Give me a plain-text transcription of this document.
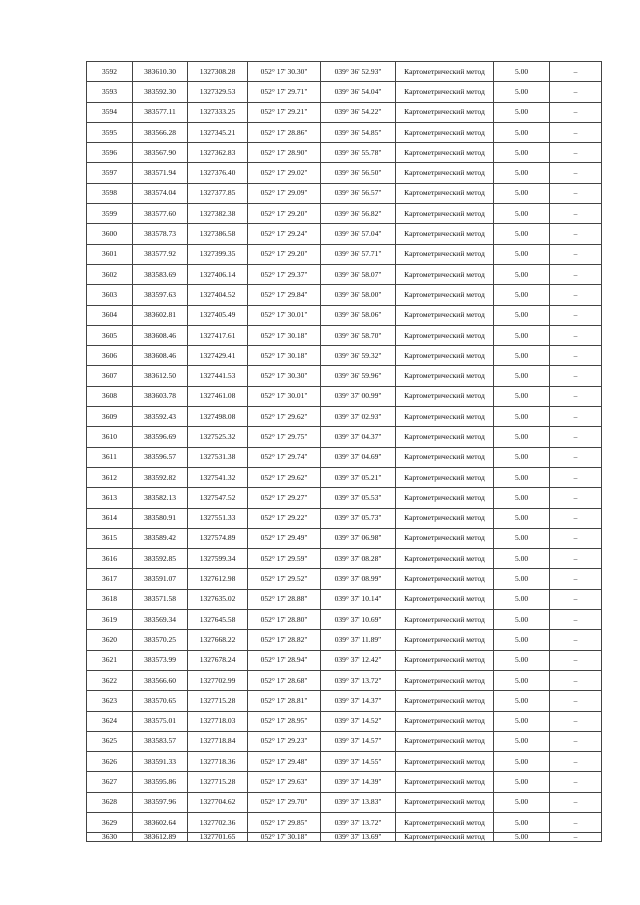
3592	383610.30	1327308.28	052° 17' 30.30"	039° 36' 52.93"	Картометрический метод	5.00	–
3593	383592.30	1327329.53	052° 17' 29.71"	039° 36' 54.04"	Картометрический метод	5.00	–
3594	383577.11	1327333.25	052° 17' 29.21"	039° 36' 54.22"	Картометрический метод	5.00	–
3595	383566.28	1327345.21	052° 17' 28.86"	039° 36' 54.85"	Картометрический метод	5.00	–
3596	383567.90	1327362.83	052° 17' 28.90"	039° 36' 55.78"	Картометрический метод	5.00	–
3597	383571.94	1327376.40	052° 17' 29.02"	039° 36' 56.50"	Картометрический метод	5.00	–
3598	383574.04	1327377.85	052° 17' 29.09"	039° 36' 56.57"	Картометрический метод	5.00	–
3599	383577.60	1327382.38	052° 17' 29.20"	039° 36' 56.82"	Картометрический метод	5.00	–
3600	383578.73	1327386.58	052° 17' 29.24"	039° 36' 57.04"	Картометрический метод	5.00	–
3601	383577.92	1327399.35	052° 17' 29.20"	039° 36' 57.71"	Картометрический метод	5.00	–
3602	383583.69	1327406.14	052° 17' 29.37"	039° 36' 58.07"	Картометрический метод	5.00	–
3603	383597.63	1327404.52	052° 17' 29.84"	039° 36' 58.00"	Картометрический метод	5.00	–
3604	383602.81	1327405.49	052° 17' 30.01"	039° 36' 58.06"	Картометрический метод	5.00	–
3605	383608.46	1327417.61	052° 17' 30.18"	039° 36' 58.70"	Картометрический метод	5.00	–
3606	383608.46	1327429.41	052° 17' 30.18"	039° 36' 59.32"	Картометрический метод	5.00	–
3607	383612.50	1327441.53	052° 17' 30.30"	039° 36' 59.96"	Картометрический метод	5.00	–
3608	383603.78	1327461.08	052° 17' 30.01"	039° 37' 00.99"	Картометрический метод	5.00	–
3609	383592.43	1327498.08	052° 17' 29.62"	039° 37' 02.93"	Картометрический метод	5.00	–
3610	383596.69	1327525.32	052° 17' 29.75"	039° 37' 04.37"	Картометрический метод	5.00	–
3611	383596.57	1327531.38	052° 17' 29.74"	039° 37' 04.69"	Картометрический метод	5.00	–
3612	383592.82	1327541.32	052° 17' 29.62"	039° 37' 05.21"	Картометрический метод	5.00	–
3613	383582.13	1327547.52	052° 17' 29.27"	039° 37' 05.53"	Картометрический метод	5.00	–
3614	383580.91	1327551.33	052° 17' 29.22"	039° 37' 05.73"	Картометрический метод	5.00	–
3615	383589.42	1327574.89	052° 17' 29.49"	039° 37' 06.98"	Картометрический метод	5.00	–
3616	383592.85	1327599.34	052° 17' 29.59"	039° 37' 08.28"	Картометрический метод	5.00	–
3617	383591.07	1327612.98	052° 17' 29.52"	039° 37' 08.99"	Картометрический метод	5.00	–
3618	383571.58	1327635.02	052° 17' 28.88"	039° 37' 10.14"	Картометрический метод	5.00	–
3619	383569.34	1327645.58	052° 17' 28.80"	039° 37' 10.69"	Картометрический метод	5.00	–
3620	383570.25	1327668.22	052° 17' 28.82"	039° 37' 11.89"	Картометрический метод	5.00	–
3621	383573.99	1327678.24	052° 17' 28.94"	039° 37' 12.42"	Картометрический метод	5.00	–
3622	383566.60	1327702.99	052° 17' 28.68"	039° 37' 13.72"	Картометрический метод	5.00	–
3623	383570.65	1327715.28	052° 17' 28.81"	039° 37' 14.37"	Картометрический метод	5.00	–
3624	383575.01	1327718.03	052° 17' 28.95"	039° 37' 14.52"	Картометрический метод	5.00	–
3625	383583.57	1327718.84	052° 17' 29.23"	039° 37' 14.57"	Картометрический метод	5.00	–
3626	383591.33	1327718.36	052° 17' 29.48"	039° 37' 14.55"	Картометрический метод	5.00	–
3627	383595.86	1327715.28	052° 17' 29.63"	039° 37' 14.39"	Картометрический метод	5.00	–
3628	383597.96	1327704.62	052° 17' 29.70"	039° 37' 13.83"	Картометрический метод	5.00	–
3629	383602.64	1327702.36	052° 17' 29.85"	039° 37' 13.72"	Картометрический метод	5.00	–
3630	383612.89	1327701.65	052° 17' 30.18"	039° 37' 13.69"	Картометрический метод	5.00	–
